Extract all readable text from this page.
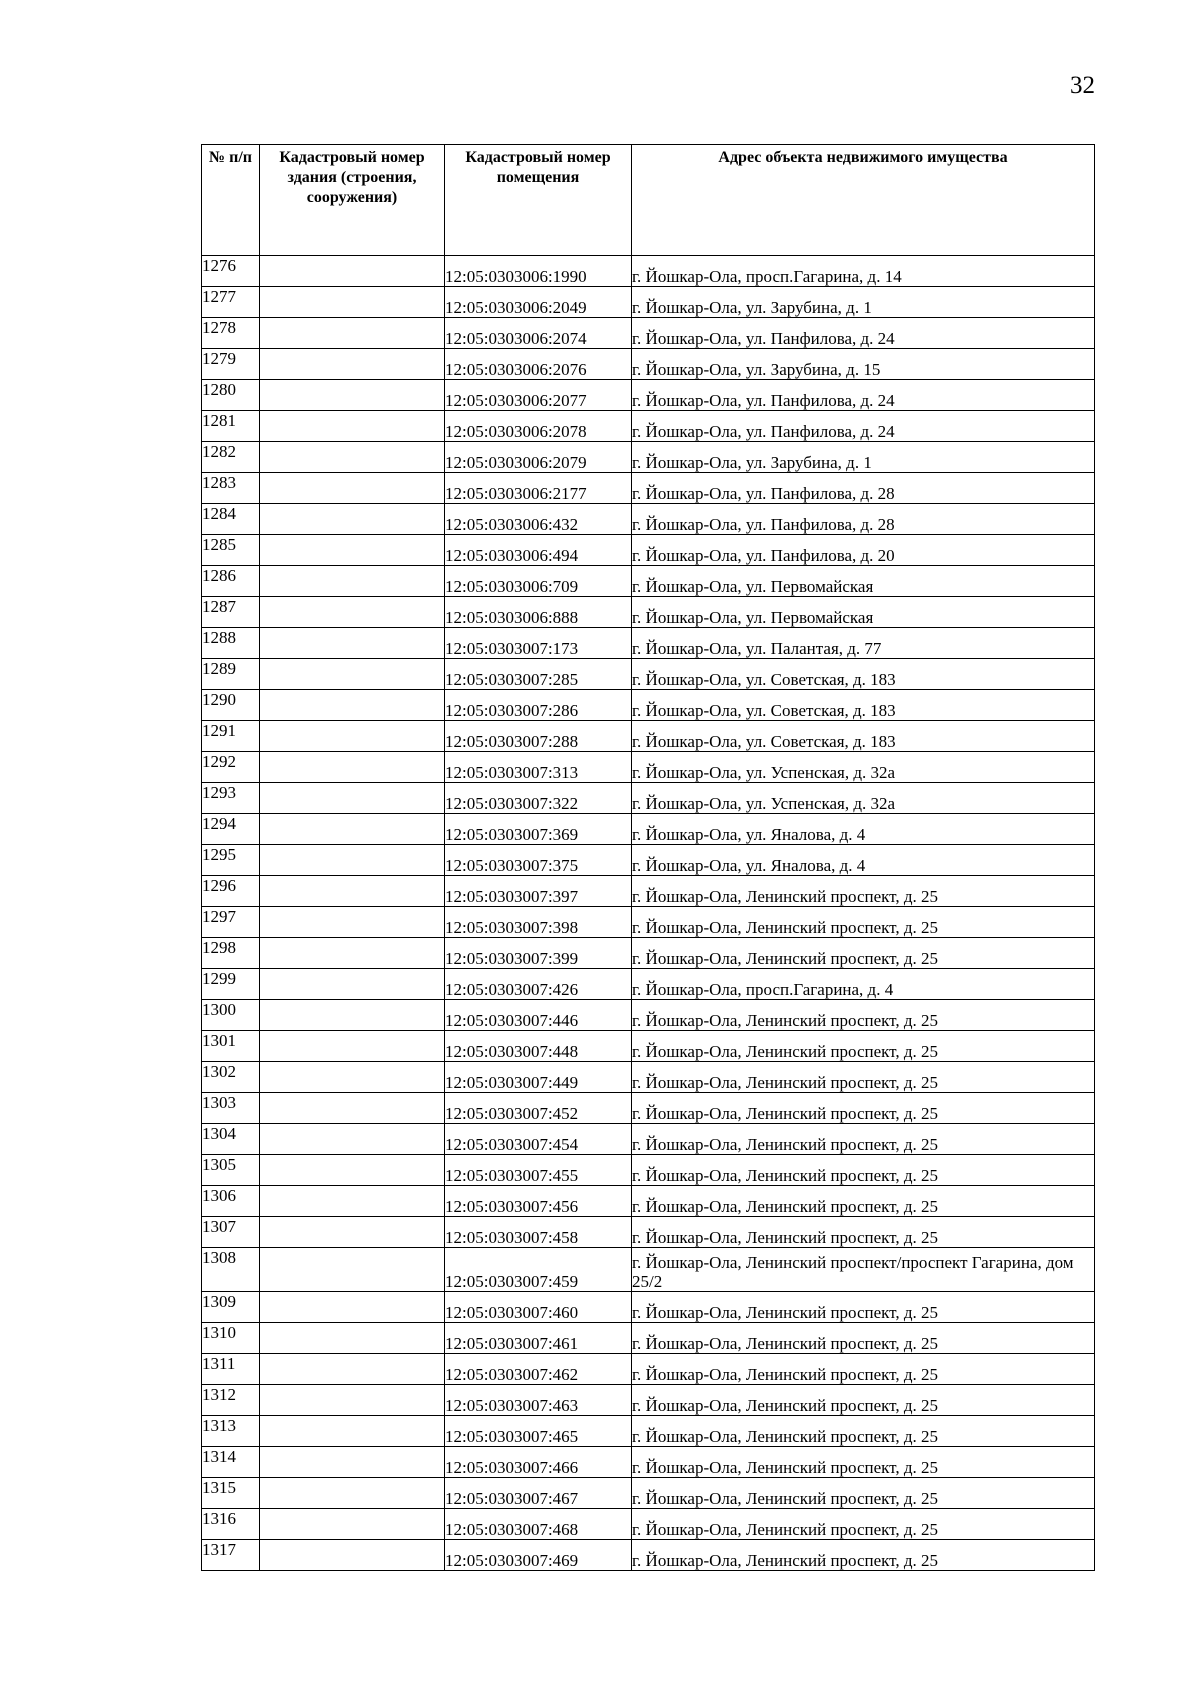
32
№ п/п	Кадастровый номер здания (строения, сооружения)	Кадастровый номер помещения	Адрес объекта недвижимого имущества
1276		12:05:0303006:1990	г. Йошкар-Ола, просп.Гагарина, д. 14
1277		12:05:0303006:2049	г. Йошкар-Ола, ул. Зарубина, д. 1
1278		12:05:0303006:2074	г. Йошкар-Ола, ул. Панфилова, д. 24
1279		12:05:0303006:2076	г. Йошкар-Ола, ул. Зарубина, д. 15
1280		12:05:0303006:2077	г. Йошкар-Ола, ул. Панфилова, д. 24
1281		12:05:0303006:2078	г. Йошкар-Ола, ул. Панфилова, д. 24
1282		12:05:0303006:2079	г. Йошкар-Ола, ул. Зарубина, д. 1
1283		12:05:0303006:2177	г. Йошкар-Ола, ул. Панфилова, д. 28
1284		12:05:0303006:432	г. Йошкар-Ола, ул. Панфилова, д. 28
1285		12:05:0303006:494	г. Йошкар-Ола, ул. Панфилова, д. 20
1286		12:05:0303006:709	г. Йошкар-Ола, ул. Первомайская
1287		12:05:0303006:888	г. Йошкар-Ола, ул. Первомайская
1288		12:05:0303007:173	г. Йошкар-Ола, ул. Палантая, д. 77
1289		12:05:0303007:285	г. Йошкар-Ола, ул. Советская, д. 183
1290		12:05:0303007:286	г. Йошкар-Ола, ул. Советская, д. 183
1291		12:05:0303007:288	г. Йошкар-Ола, ул. Советская, д. 183
1292		12:05:0303007:313	г. Йошкар-Ола, ул. Успенская, д. 32а
1293		12:05:0303007:322	г. Йошкар-Ола, ул. Успенская, д. 32а
1294		12:05:0303007:369	г. Йошкар-Ола, ул. Яналова, д. 4
1295		12:05:0303007:375	г. Йошкар-Ола, ул. Яналова, д. 4
1296		12:05:0303007:397	г. Йошкар-Ола, Ленинский проспект, д. 25
1297		12:05:0303007:398	г. Йошкар-Ола, Ленинский проспект, д. 25
1298		12:05:0303007:399	г. Йошкар-Ола, Ленинский проспект, д. 25
1299		12:05:0303007:426	г. Йошкар-Ола, просп.Гагарина, д. 4
1300		12:05:0303007:446	г. Йошкар-Ола, Ленинский проспект, д. 25
1301		12:05:0303007:448	г. Йошкар-Ола, Ленинский проспект, д. 25
1302		12:05:0303007:449	г. Йошкар-Ола, Ленинский проспект, д. 25
1303		12:05:0303007:452	г. Йошкар-Ола, Ленинский проспект, д. 25
1304		12:05:0303007:454	г. Йошкар-Ола, Ленинский проспект, д. 25
1305		12:05:0303007:455	г. Йошкар-Ола, Ленинский проспект, д. 25
1306		12:05:0303007:456	г. Йошкар-Ола, Ленинский проспект, д. 25
1307		12:05:0303007:458	г. Йошкар-Ола, Ленинский проспект, д. 25
1308		12:05:0303007:459	г. Йошкар-Ола, Ленинский проспект/проспект Гагарина, дом 25/2
1309		12:05:0303007:460	г. Йошкар-Ола, Ленинский проспект, д. 25
1310		12:05:0303007:461	г. Йошкар-Ола, Ленинский проспект, д. 25
1311		12:05:0303007:462	г. Йошкар-Ола, Ленинский проспект, д. 25
1312		12:05:0303007:463	г. Йошкар-Ола, Ленинский проспект, д. 25
1313		12:05:0303007:465	г. Йошкар-Ола, Ленинский проспект, д. 25
1314		12:05:0303007:466	г. Йошкар-Ола, Ленинский проспект, д. 25
1315		12:05:0303007:467	г. Йошкар-Ола, Ленинский проспект, д. 25
1316		12:05:0303007:468	г. Йошкар-Ола, Ленинский проспект, д. 25
1317		12:05:0303007:469	г. Йошкар-Ола, Ленинский проспект, д. 25
